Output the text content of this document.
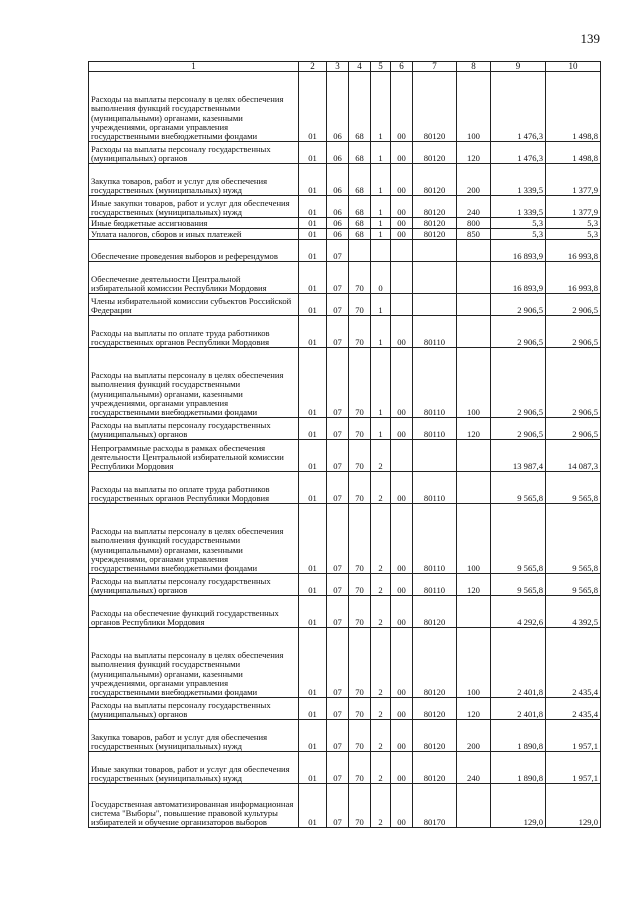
139
1	2	3	4	5	6	7	8	9	10
Расходы на выплаты персоналу в целях обеспечения выполнения функций государственными (муниципальными) органами, казенными учреждениями, органами управления государственными внебюджетными фондами	01	06	68	1	00	80120	100	1 476,3	1 498,8
Расходы на выплаты персоналу государственных (муниципальных) органов	01	06	68	1	00	80120	120	1 476,3	1 498,8
Закупка товаров, работ и услуг для обеспечения государственных (муниципальных) нужд	01	06	68	1	00	80120	200	1 339,5	1 377,9
Иные закупки товаров, работ и услуг для обеспечения государственных (муниципальных) нужд	01	06	68	1	00	80120	240	1 339,5	1 377,9
Иные бюджетные ассигнования	01	06	68	1	00	80120	800	5,3	5,3
Уплата налогов, сборов и иных платежей	01	06	68	1	00	80120	850	5,3	5,3
Обеспечение проведения выборов и референдумов	01	07						16 893,9	16 993,8
Обеспечение деятельности Центральной избирательной комиссии Республики Мордовия	01	07	70	0				16 893,9	16 993,8
Члены избирательной комиссии субъектов Российской Федерации	01	07	70	1				2 906,5	2 906,5
Расходы на выплаты по оплате труда работников государственных органов Республики Мордовия	01	07	70	1	00	80110		2 906,5	2 906,5
Расходы на выплаты персоналу в целях обеспечения выполнения функций государственными (муниципальными) органами, казенными учреждениями, органами управления государственными внебюджетными фондами	01	07	70	1	00	80110	100	2 906,5	2 906,5
Расходы на выплаты персоналу государственных (муниципальных) органов	01	07	70	1	00	80110	120	2 906,5	2 906,5
Непрограммные расходы в рамках обеспечения деятельности Центральной избирательной комиссии Республики Мордовия	01	07	70	2				13 987,4	14 087,3
Расходы на выплаты по оплате труда работников государственных органов Республики Мордовия	01	07	70	2	00	80110		9 565,8	9 565,8
Расходы на выплаты персоналу в целях обеспечения выполнения функций государственными (муниципальными) органами, казенными учреждениями, органами управления государственными внебюджетными фондами	01	07	70	2	00	80110	100	9 565,8	9 565,8
Расходы на выплаты персоналу государственных (муниципальных) органов	01	07	70	2	00	80110	120	9 565,8	9 565,8
Расходы на обеспечение функций государственных органов Республики Мордовия	01	07	70	2	00	80120		4 292,6	4 392,5
Расходы на выплаты персоналу в целях обеспечения выполнения функций государственными (муниципальными) органами, казенными учреждениями, органами управления государственными внебюджетными фондами	01	07	70	2	00	80120	100	2 401,8	2 435,4
Расходы на выплаты персоналу государственных (муниципальных) органов	01	07	70	2	00	80120	120	2 401,8	2 435,4
Закупка товаров, работ и услуг для обеспечения государственных (муниципальных) нужд	01	07	70	2	00	80120	200	1 890,8	1 957,1
Иные закупки товаров, работ и услуг для обеспечения государственных (муниципальных) нужд	01	07	70	2	00	80120	240	1 890,8	1 957,1
Государственная автоматизированная информационная система "Выборы", повышение правовой культуры избирателей и обучение организаторов выборов	01	07	70	2	00	80170		129,0	129,0
